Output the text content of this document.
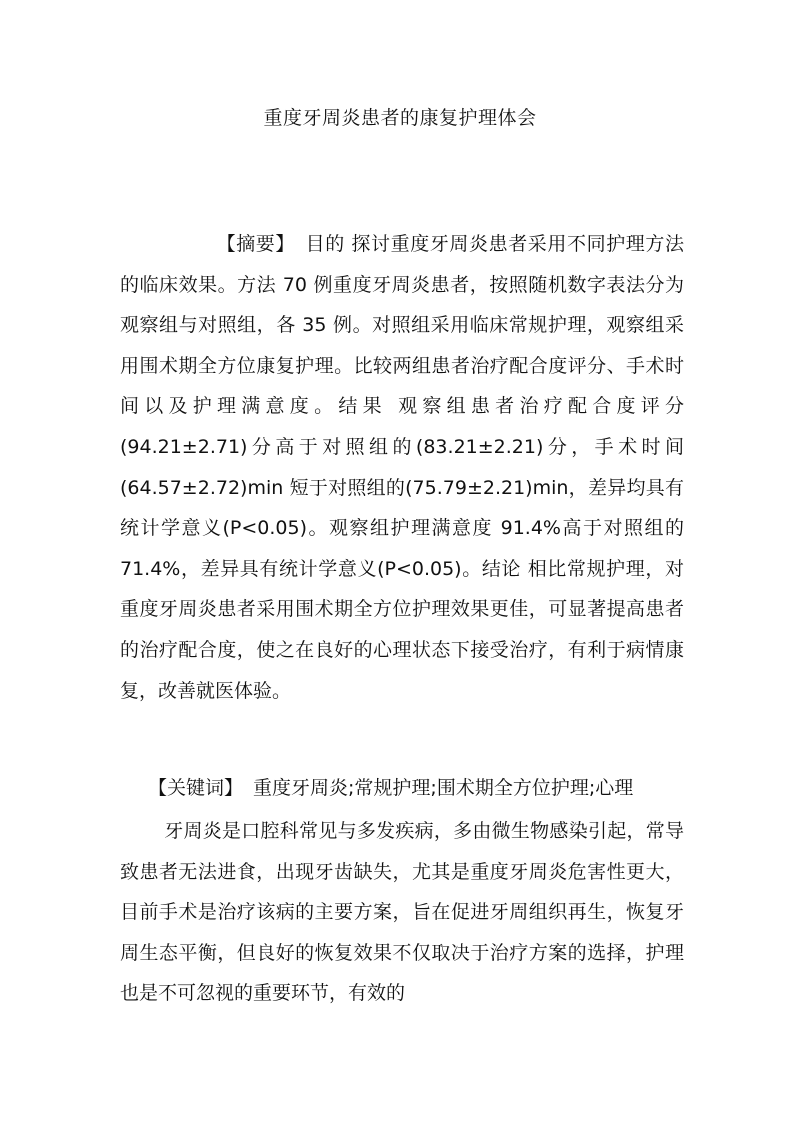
重度牙周炎患者的康复护理体会
【摘要】 目的 探讨重度牙周炎患者采用不同护理方法的临床效果。方法 70 例重度牙周炎患者，按照随机数字表法分为观察组与对照组，各 35 例。对照组采用临床常规护理，观察组采用围术期全方位康复护理。比较两组患者治疗配合度评分、手术时间以及护理满意度。结果 观察组患者治疗配合度评分(94.21±2.71)分高于对照组的(83.21±2.21)分，手术时间(64.57±2.72)min 短于对照组的(75.79±2.21)min，差异均具有统计学意义(P<0.05)。观察组护理满意度 91.4%高于对照组的 71.4%，差异具有统计学意义(P<0.05)。结论 相比常规护理，对重度牙周炎患者采用围术期全方位护理效果更佳，可显著提高患者的治疗配合度，使之在良好的心理状态下接受治疗，有利于病情康复，改善就医体验。
【关键词】 重度牙周炎;常规护理;围术期全方位护理;心理
牙周炎是口腔科常见与多发疾病，多由微生物感染引起，常导致患者无法进食，出现牙齿缺失，尤其是重度牙周炎危害性更大，目前手术是治疗该病的主要方案，旨在促进牙周组织再生，恢复牙周生态平衡，但良好的恢复效果不仅取决于治疗方案的选择，护理也是不可忽视的重要环节，有效的
